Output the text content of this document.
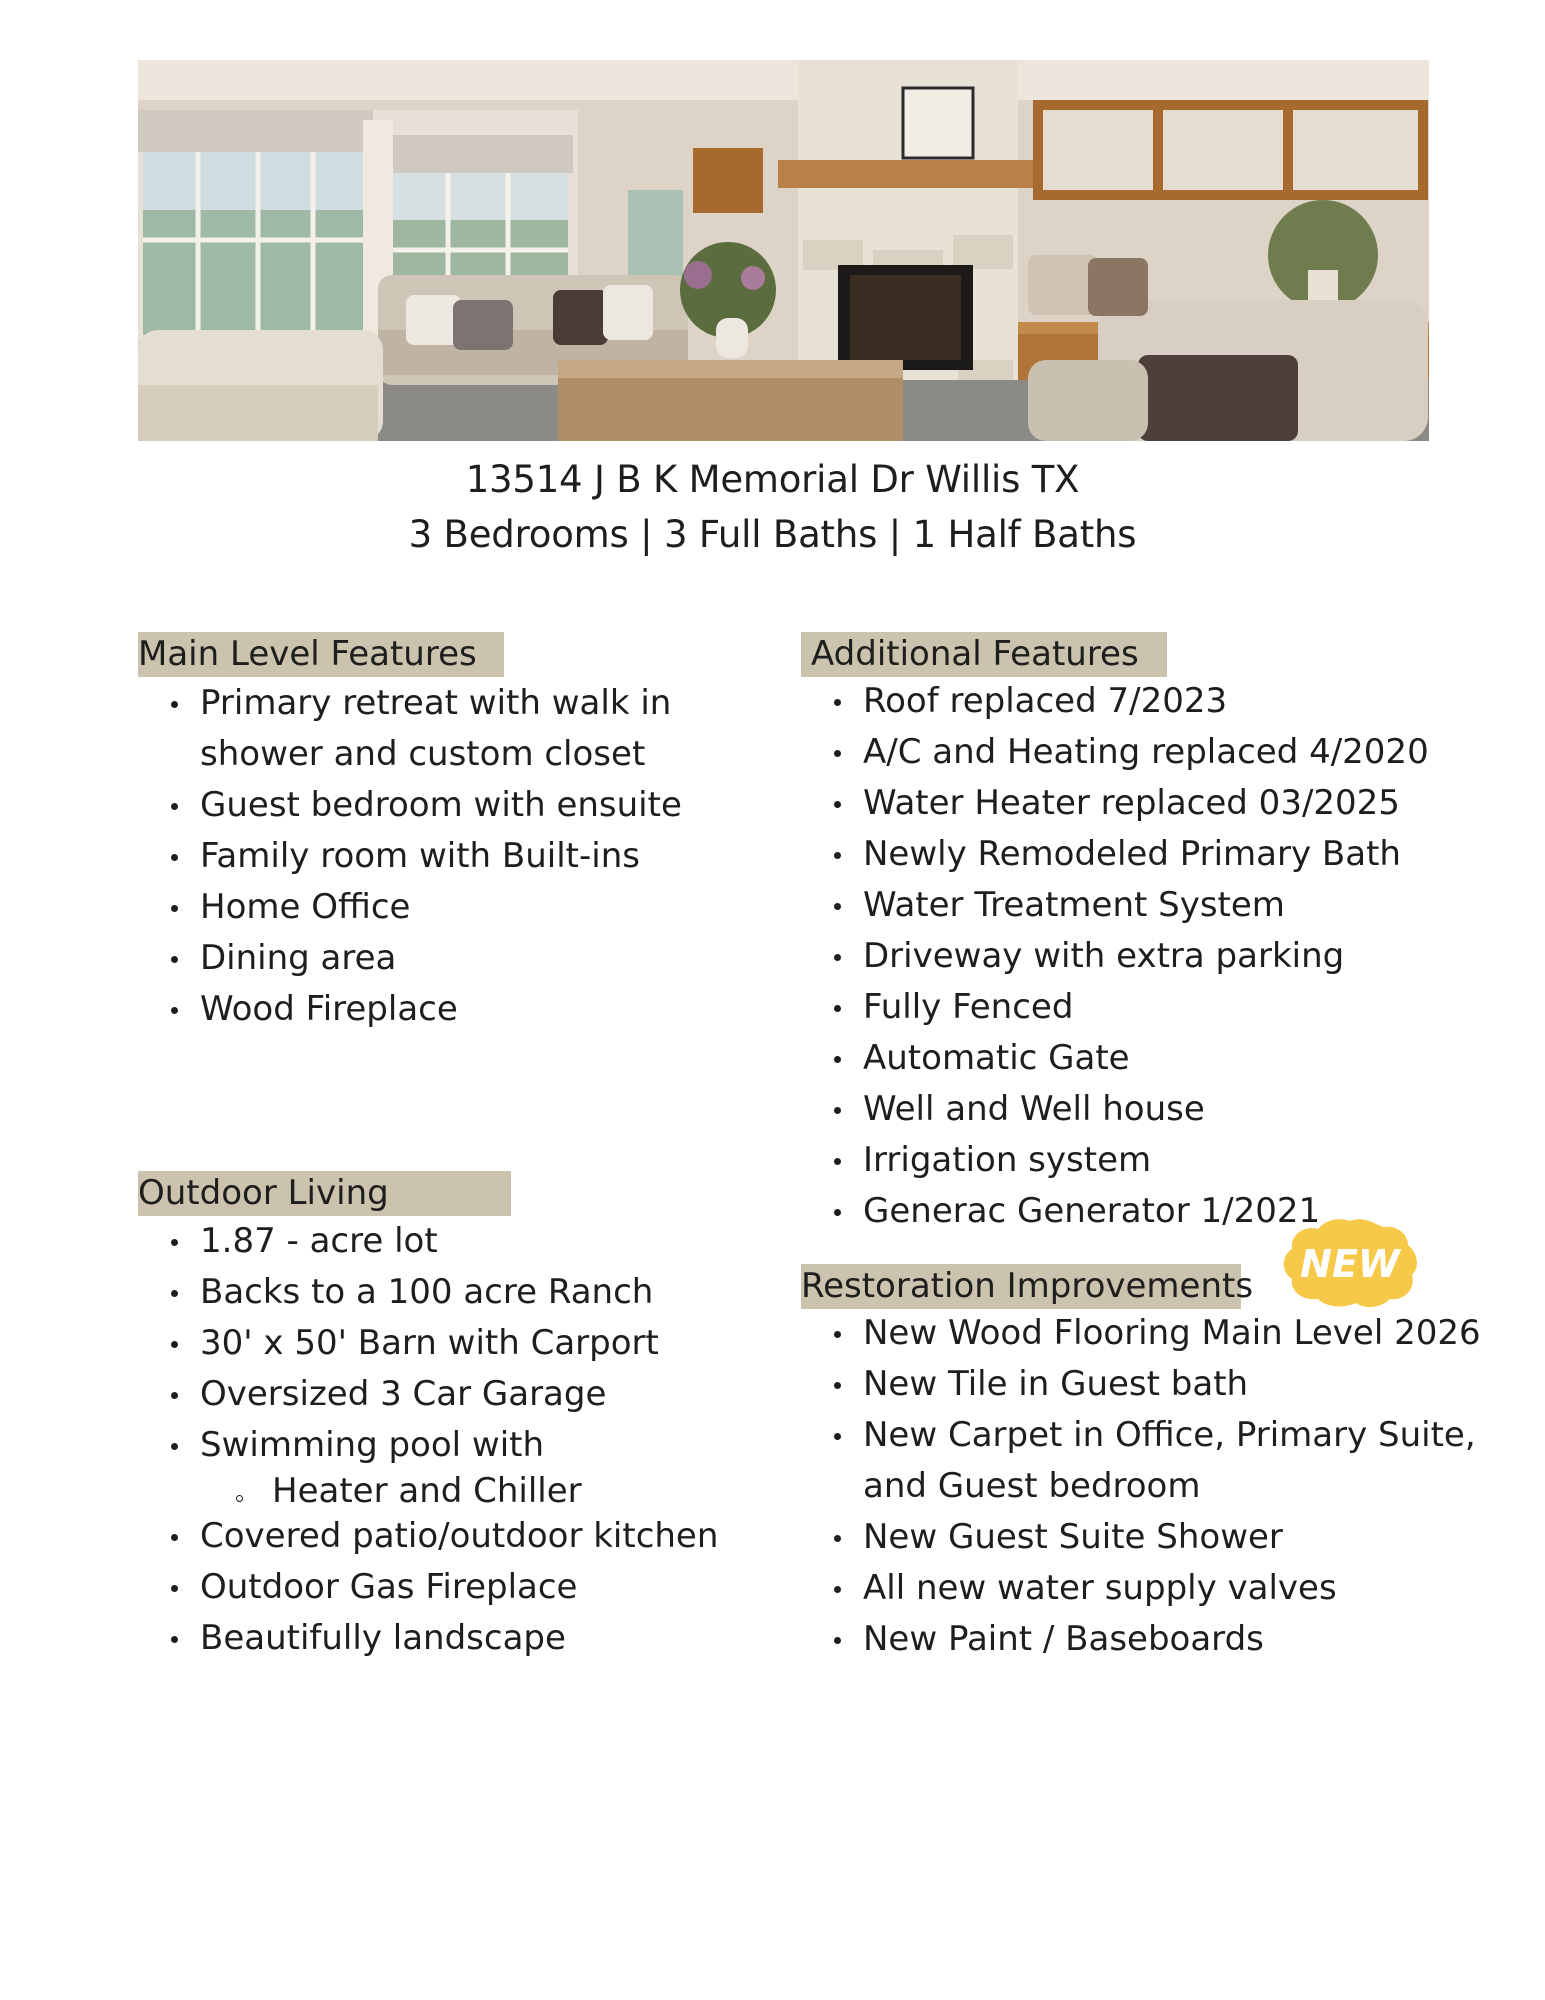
13514 J B K Memorial Dr Willis TX
3 Bedrooms | 3 Full Baths | 1 Half Baths
Main Level Features
Primary retreat with walk in
shower and custom closet
Guest bedroom with ensuite
Family room with Built-ins
Home Office
Dining area
Wood Fireplace
Outdoor Living
1.87 - acre lot
Backs to a 100 acre Ranch
30' x 50' Barn with Carport
Oversized 3 Car Garage
Swimming pool with
Heater and Chiller
Covered patio/outdoor kitchen
Outdoor Gas Fireplace
Beautifully landscape
Additional Features
Roof replaced 7/2023
A/C and Heating replaced 4/2020
Water Heater replaced 03/2025
Newly Remodeled Primary Bath
Water Treatment System
Driveway with extra parking
Fully Fenced
Automatic Gate
Well and Well house
Irrigation system
Generac Generator 1/2021
Restoration Improvements NEW
New Wood Flooring Main Level 2026
New Tile in Guest bath
New Carpet in Office, Primary Suite,
and Guest bedroom
New Guest Suite Shower
All new water supply valves
New Paint / Baseboards
